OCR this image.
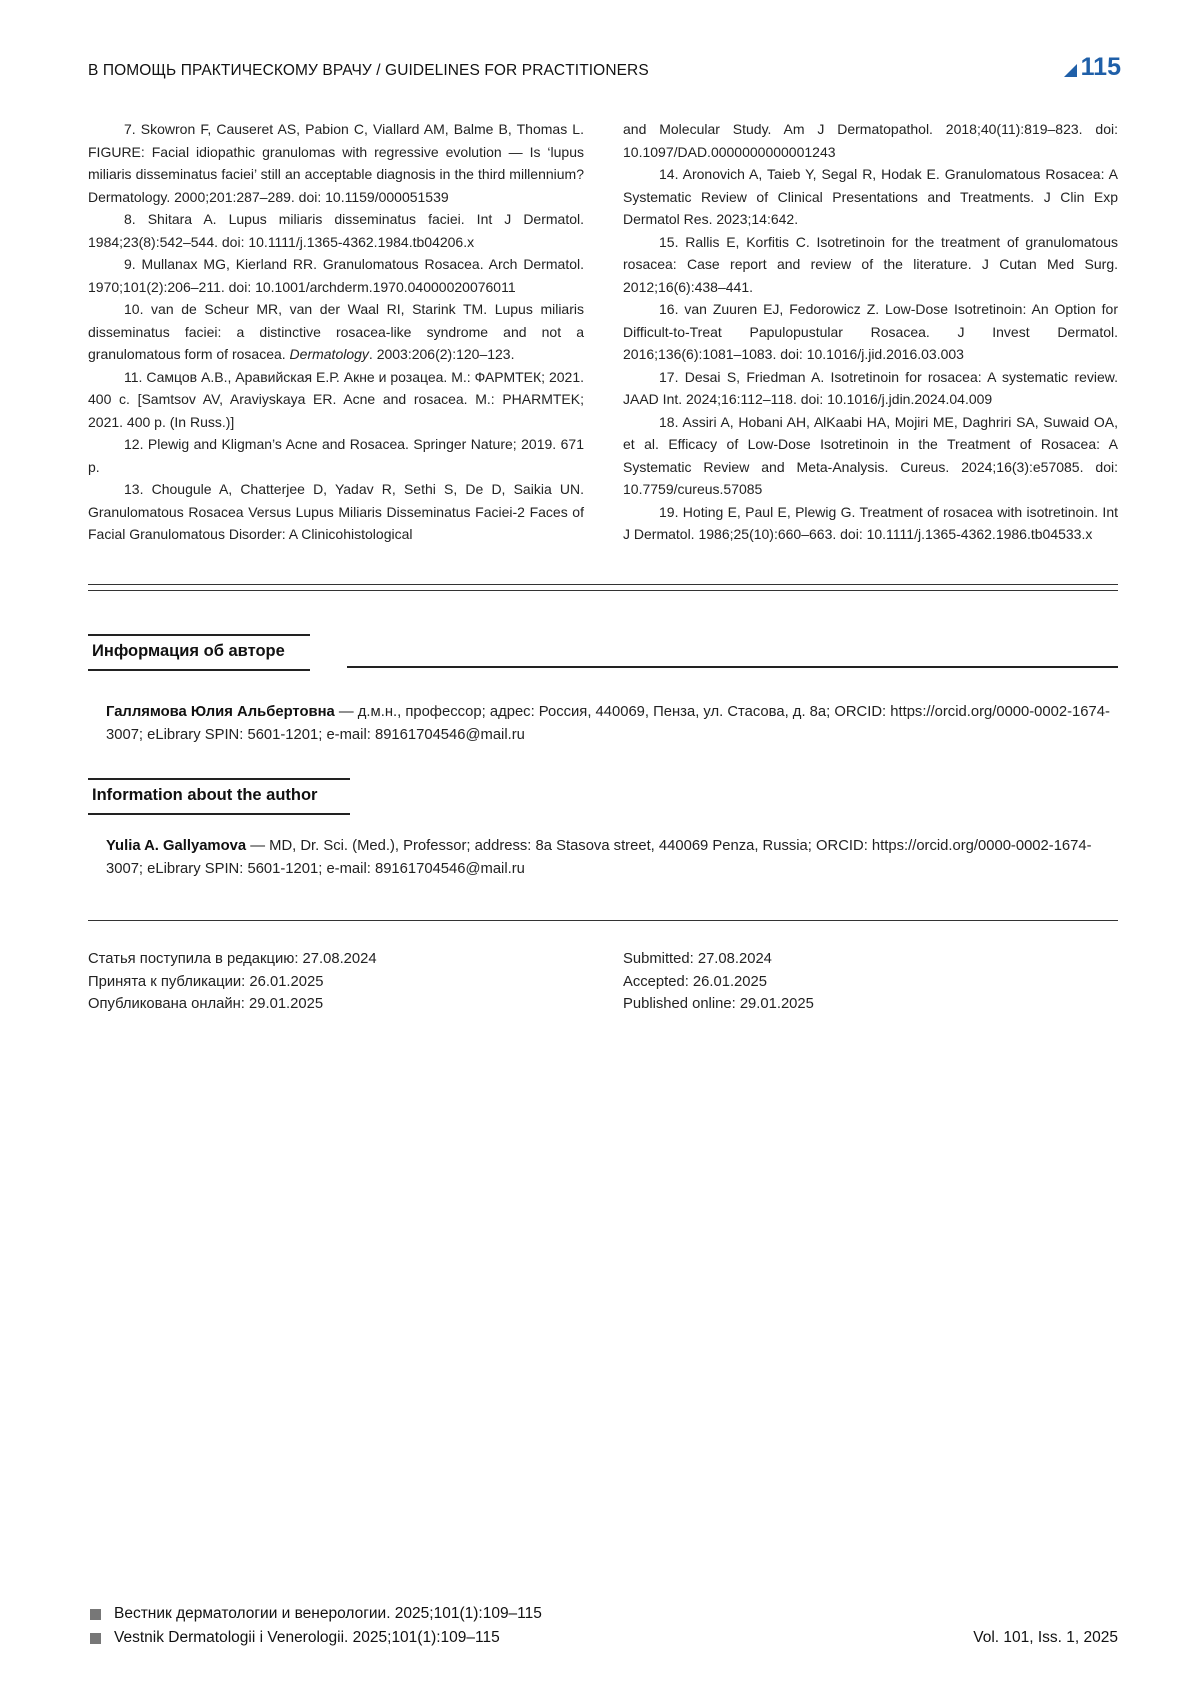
В ПОМОЩЬ ПРАКТИЧЕСКОМУ ВРАЧУ / GUIDELINES FOR PRACTITIONERS	115

7. Skowron F, Causeret AS, Pabion C, Viallard AM, Balme B, Thomas L. FIGURE: Facial idiopathic granulomas with regressive evolution — Is ‘lupus miliaris disseminatus faciei’ still an acceptable diagnosis in the third millennium? Dermatology. 2000;201:287–289. doi: 10.1159/000051539

8. Shitara A. Lupus miliaris disseminatus faciei. Int J Dermatol. 1984;23(8):542–544. doi: 10.1111/j.1365-4362.1984.tb04206.x

9. Mullanax MG, Kierland RR. Granulomatous Rosacea. Arch Dermatol. 1970;101(2):206–211. doi: 10.1001/archderm.1970.04000020076011

10. van de Scheur MR, van der Waal RI, Starink TM. Lupus miliaris disseminatus faciei: a distinctive rosacea-like syndrome and not a granulomatous form of rosacea. Dermatology. 2003:206(2):120–123.

11. Самцов А.В., Аравийская Е.Р. Акне и розацеа. М.: ФАРМТЕК; 2021. 400 с. [Samtsov AV, Araviyskaya ER. Acne and rosacea. M.: PHARMTEK; 2021. 400 p. (In Russ.)]

12. Plewig and Kligman’s Acne and Rosacea. Springer Nature; 2019. 671 p.

13. Chougule A, Chatterjee D, Yadav R, Sethi S, De D, Saikia UN. Granulomatous Rosacea Versus Lupus Miliaris Disseminatus Faciei-2 Faces of Facial Granulomatous Disorder: A Clinicohistological

and Molecular Study. Am J Dermatopathol. 2018;40(11):819–823. doi: 10.1097/DAD.0000000000001243

14. Aronovich A, Taieb Y, Segal R, Hodak E. Granulomatous Rosacea: A Systematic Review of Clinical Presentations and Treatments. J Clin Exp Dermatol Res. 2023;14:642.

15. Rallis E, Korfitis C. Isotretinoin for the treatment of granulomatous rosacea: Case report and review of the literature. J Cutan Med Surg. 2012;16(6):438–441.

16. van Zuuren EJ, Fedorowicz Z. Low-Dose Isotretinoin: An Option for Difficult-to-Treat Papulopustular Rosacea. J Invest Dermatol. 2016;136(6):1081–1083. doi: 10.1016/j.jid.2016.03.003

17. Desai S, Friedman A. Isotretinoin for rosacea: A systematic review. JAAD Int. 2024;16:112–118. doi: 10.1016/j.jdin.2024.04.009

18. Assiri A, Hobani AH, AlKaabi HA, Mojiri ME, Daghriri SA, Suwaid OA, et al. Efficacy of Low-Dose Isotretinoin in the Treatment of Rosacea: A Systematic Review and Meta-Analysis. Cureus. 2024;16(3):e57085. doi: 10.7759/cureus.57085

19. Hoting E, Paul E, Plewig G. Treatment of rosacea with isotretinoin. Int J Dermatol. 1986;25(10):660–663. doi: 10.1111/j.1365-4362.1986.tb04533.x

Информация об авторе
Галлямова Юлия Альбертовна — д.м.н., профессор; адрес: Россия, 440069, Пенза, ул. Стасова, д. 8а; ORCID: https://orcid.org/0000-0002-1674-3007; eLibrary SPIN: 5601-1201; e-mail: 89161704546@mail.ru
Information about the author
Yulia A. Gallyamova — MD, Dr. Sci. (Med.), Professor; address: 8a Stasova street, 440069 Penza, Russia; ORCID: https://orcid.org/0000-0002-1674-3007; eLibrary SPIN: 5601-1201; e-mail: 89161704546@mail.ru
Статья поступила в редакцию: 27.08.2024
Принята к публикации: 26.01.2025
Опубликована онлайн: 29.01.2025
Submitted: 27.08.2024
Accepted: 26.01.2025
Published online: 29.01.2025
Вестник дерматологии и венерологии. 2025;101(1):109–115
Vestnik Dermatologii i Venerologii. 2025;101(1):109–115	Vol. 101, Iss. 1, 2025
